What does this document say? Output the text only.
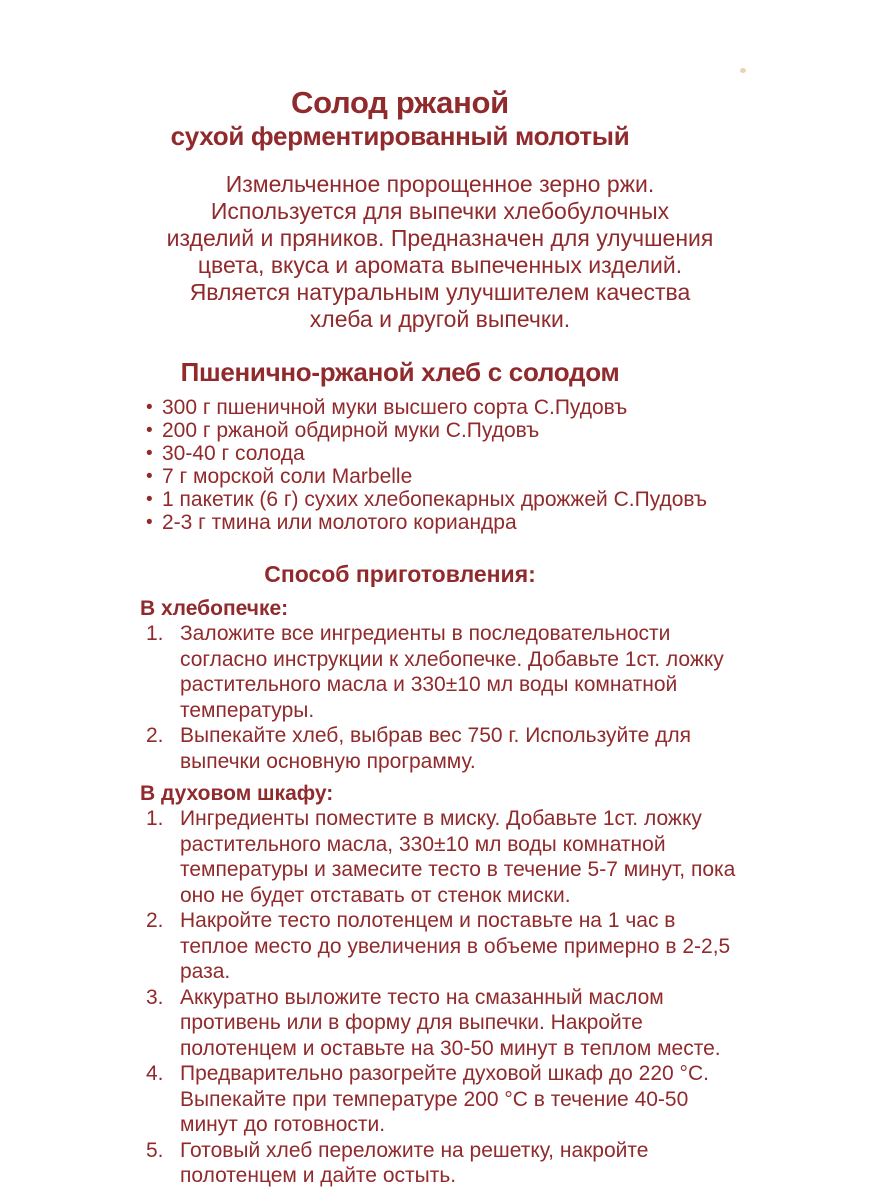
Солод ржаной
сухой ферментированный молотый
Измельченное пророщенное зерно ржи.
Используется для выпечки хлебобулочных
изделий и пряников. Предназначен для улучшения
цвета, вкуса и аромата выпеченных изделий.
Является натуральным улучшителем качества
хлеба и другой выпечки.
Пшенично-ржаной хлеб с солодом
• 300 г пшеничной муки высшего сорта С.Пудовъ
• 200 г ржаной обдирной муки С.Пудовъ
• 30-40 г солода
• 7 г морской соли Marbelle
• 1 пакетик (6 г) сухих хлебопекарных дрожжей С.Пудовъ
• 2-3 г тмина или молотого кориандра
Способ приготовления:
В хлебопечке:
1. Заложите все ингредиенты в последовательности согласно инструкции к хлебопечке. Добавьте 1ст. ложку растительного масла и 330±10 мл воды комнатной температуры.
2. Выпекайте хлеб, выбрав вес 750 г. Используйте для выпечки основную программу.
В духовом шкафу:
1. Ингредиенты поместите в миску. Добавьте 1ст. ложку растительного масла, 330±10 мл воды комнатной температуры и замесите тесто в течение 5-7 минут, пока оно не будет отставать от стенок миски.
2. Накройте тесто полотенцем и поставьте на 1 час в теплое место до увеличения в объеме примерно в 2-2,5 раза.
3. Аккуратно выложите тесто на смазанный маслом противень или в форму для выпечки. Накройте полотенцем и оставьте на 30-50 минут в теплом месте.
4. Предварительно разогрейте духовой шкаф до 220 °С. Выпекайте при температуре 200 °С в течение 40-50 минут до готовности.
5. Готовый хлеб переложите на решетку, накройте полотенцем и дайте остыть.
